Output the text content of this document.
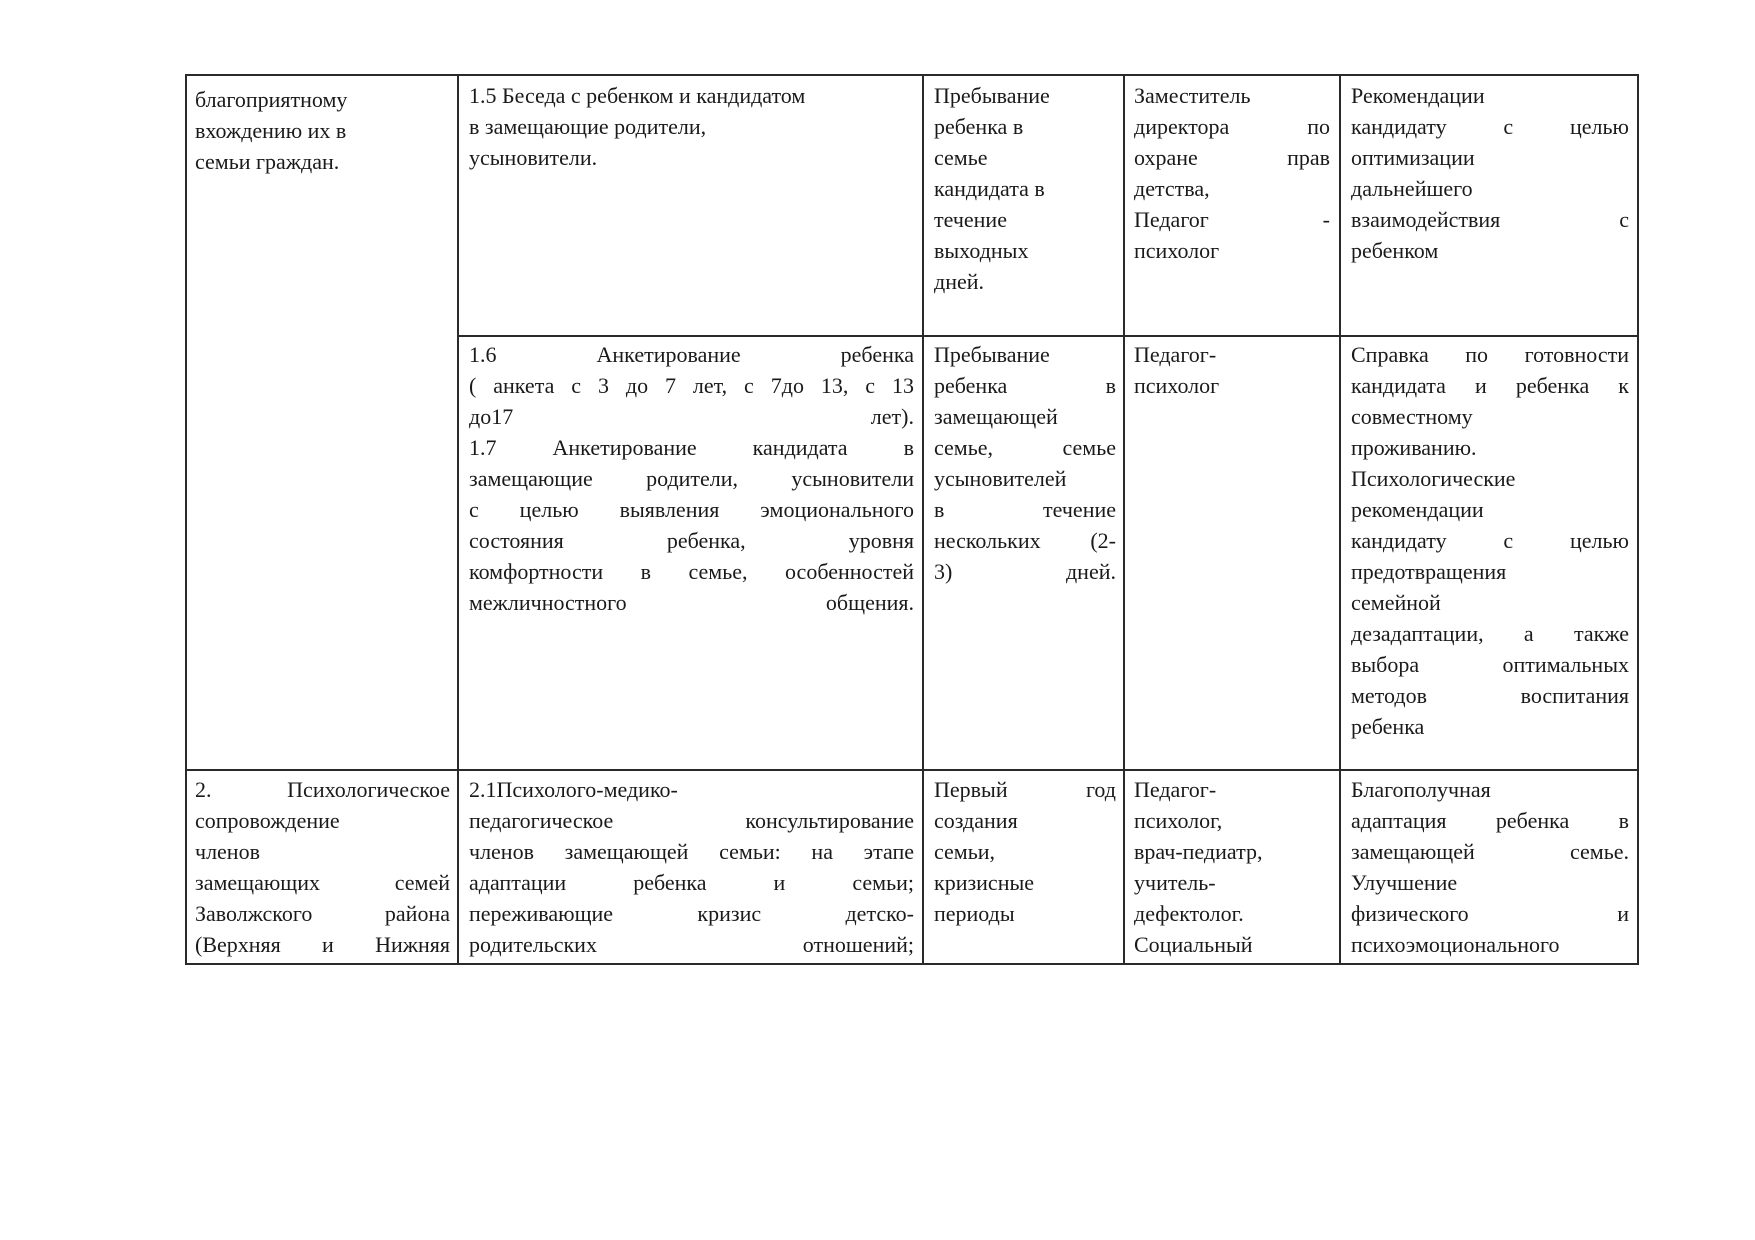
благоприятному
вхождению их в
семьи граждан.
1.5 Беседа с ребенком и кандидатом
в замещающие родители,
усыновители.
Пребывание
ребенка в
семье
кандидата в
течение
выходных
дней.
Заместитель
директора по
охране прав
детства,
Педагог -
психолог
Рекомендации
кандидату с целью
оптимизации
дальнейшего
взаимодействия с
ребенком
1.6 Анкетирование ребенка
( анкета с 3 до 7 лет, с 7до 13, с 13
до17 лет).
1.7 Анкетирование кандидата в
замещающие родители, усыновители
с целью выявления эмоционального
состояния ребенка, уровня
комфортности в семье, особенностей
межличностного общения.
Пребывание
ребенка в
замещающей
семье, семье
усыновителей
в течение
нескольких (2-
3) дней.
Педагог-
психолог
Справка по готовности
кандидата и ребенка к
совместному
проживанию.
Психологические
рекомендации
кандидату с целью
предотвращения
семейной
дезадаптации, а также
выбора оптимальных
методов воспитания
ребенка
2. Психологическое
сопровождение
членов
замещающих семей
Заволжского района
(Верхняя и Нижняя
2.1Психолого-медико-
педагогическое консультирование
членов замещающей семьи: на этапе
адаптации ребенка и семьи;
переживающие кризис детско-
родительских отношений;
Первый год
создания
семьи,
кризисные
периоды
Педагог-
психолог,
врач-педиатр,
учитель-
дефектолог.
Социальный
Благополучная
адаптация ребенка в
замещающей семье.
Улучшение
физического и
психоэмоционального
